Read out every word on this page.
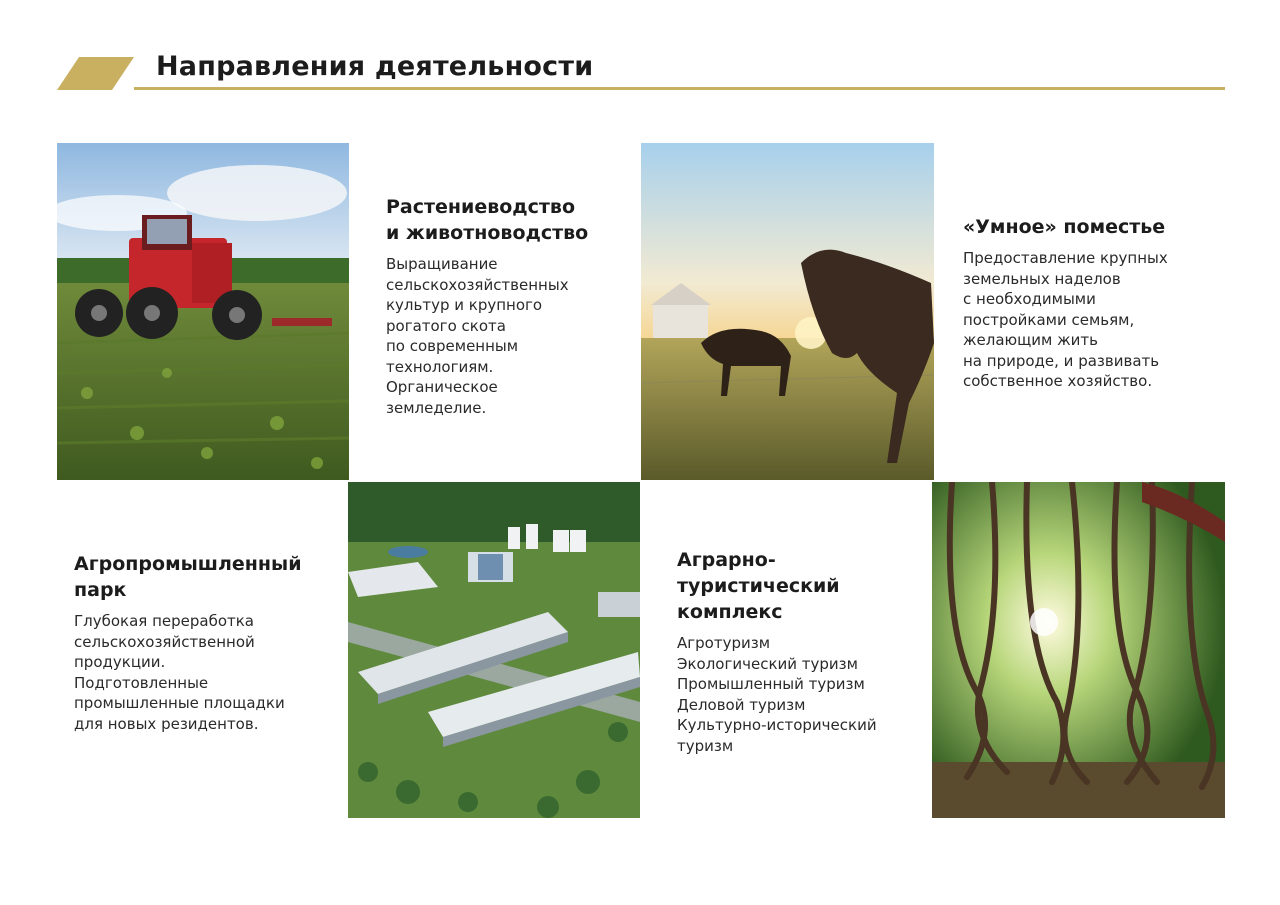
Направления деятельности

Растениеводство
и животноводство

Выращивание
сельскохозяйственных
культур и крупного
рогатого скота
по современным
технологиям.
Органическое
земледелие.

«Умное» поместье

Предоставление крупных
земельных наделов
с необходимыми
постройками семьям,
желающим жить
на природе, и развивать
собственное хозяйство.

Агропромышленный
парк

Глубокая переработка
сельскохозяйственной
продукции.
Подготовленные
промышленные площадки
для новых резидентов.

Аграрно-
туристический
комплекс

Агротуризм
Экологический туризм
Промышленный туризм
Деловой туризм
Культурно-исторический
туризм
